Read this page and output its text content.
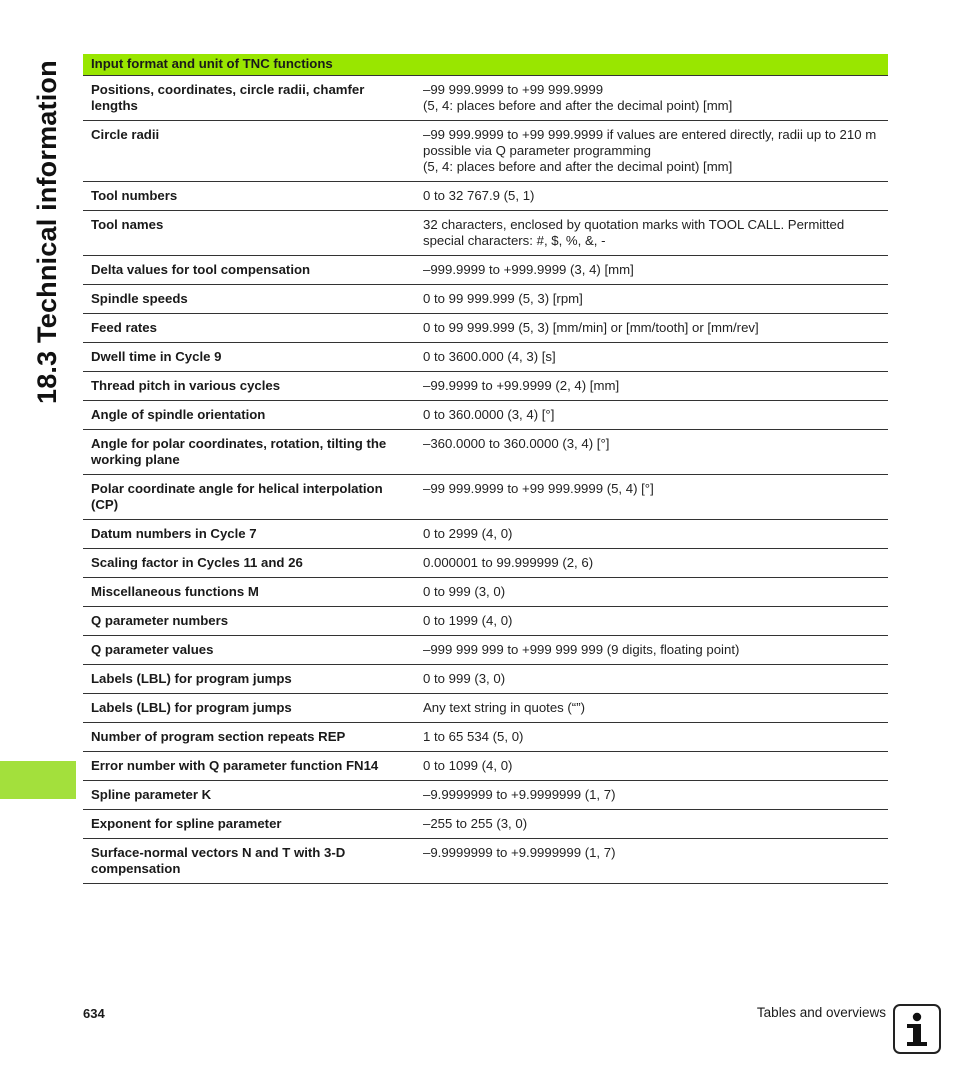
18.3 Technical information Input format and unit of TNC functions	
Positions, coordinates, circle radii, chamfer lengths	–99 999.9999 to +99 999.9999
(5, 4: places before and after the decimal point) [mm]
Circle radii	–99 999.9999 to +99 999.9999 if values are entered directly, radii up to 210 m possible via Q parameter programming
(5, 4: places before and after the decimal point) [mm]
Tool numbers	0 to 32 767.9 (5, 1)
Tool names	32 characters, enclosed by quotation marks with TOOL CALL. Permitted special characters: #, $, %, &, -
Delta values for tool compensation	–999.9999 to +999.9999 (3, 4) [mm]
Spindle speeds	0 to 99 999.999 (5, 3) [rpm]
Feed rates	0 to 99 999.999 (5, 3) [mm/min] or [mm/tooth] or [mm/rev]
Dwell time in Cycle 9	0 to 3600.000 (4, 3) [s]
Thread pitch in various cycles	–99.9999 to +99.9999 (2, 4) [mm]
Angle of spindle orientation	0 to 360.0000 (3, 4) [°]
Angle for polar coordinates, rotation, tilting the working plane	–360.0000 to 360.0000 (3, 4) [°]
Polar coordinate angle for helical interpolation (CP)	–99 999.9999 to +99 999.9999 (5, 4) [°]
Datum numbers in Cycle 7	0 to 2999 (4, 0)
Scaling factor in Cycles 11 and 26	0.000001 to 99.999999 (2, 6)
Miscellaneous functions M	0 to 999 (3, 0)
Q parameter numbers	0 to 1999 (4, 0)
Q parameter values	–999 999 999 to +999 999 999 (9 digits, floating point)
Labels (LBL) for program jumps	0 to 999 (3, 0)
Labels (LBL) for program jumps	Any text string in quotes (“”)
Number of program section repeats REP	1 to 65 534 (5, 0)
Error number with Q parameter function FN14	0 to 1099 (4, 0)
Spline parameter K	–9.9999999 to +9.9999999 (1, 7)
Exponent for spline parameter	–255 to 255 (3, 0)
Surface-normal vectors N and T with 3-D compensation	–9.9999999 to +9.9999999 (1, 7)
634	Tables and overviews
